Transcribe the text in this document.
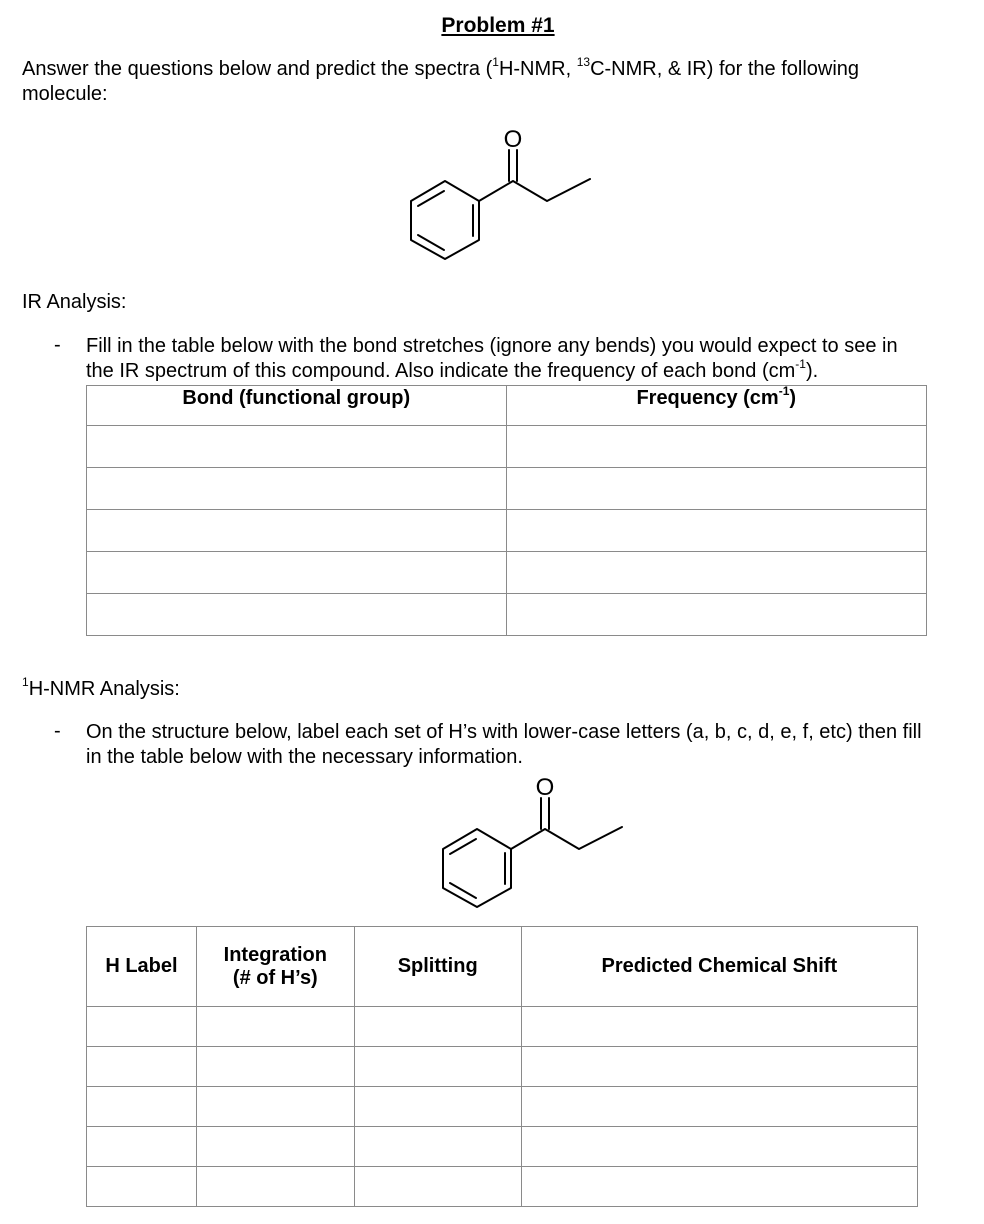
Problem #1
Answer the questions below and predict the spectra ($^1$H-NMR, $^{13}$C-NMR, & IR) for the following
molecule:
O
IR Analysis:
- Fill in the table below with the bond stretches (ignore any bends) you would expect to see in
the IR spectrum of this compound. Also indicate the frequency of each bond $(cm^{-1})$.
Bond (functional group)	Frequency $(cm^{-1})$

$^1$H-NMR Analysis:
- On the structure below, label each set of H’s with lower-case letters (a, b, c, d, e, f, etc) then fill
in the table below with the necessary information.
O
H Label	Integration
(# of H’s)	Splitting	Predicted Chemical Shift
